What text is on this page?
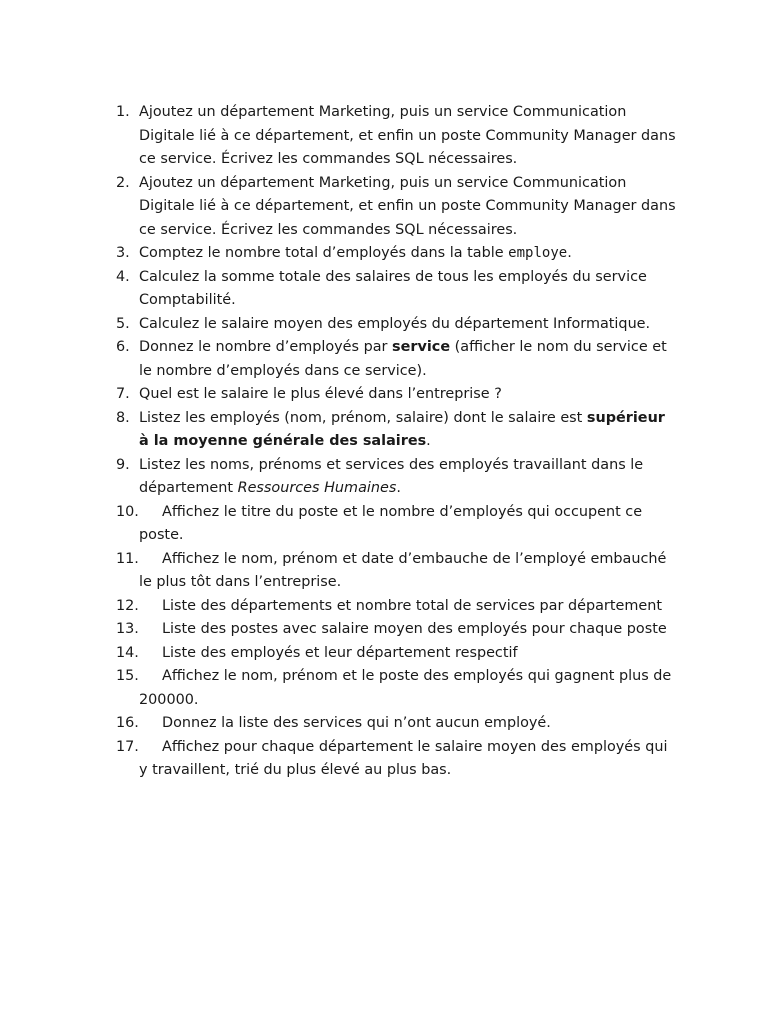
1. Ajoutez un département Marketing, puis un service Communication Digitale lié à ce département, et enfin un poste Community Manager dans ce service. Écrivez les commandes SQL nécessaires.
2. Ajoutez un département Marketing, puis un service Communication Digitale lié à ce département, et enfin un poste Community Manager dans ce service. Écrivez les commandes SQL nécessaires.
3. Comptez le nombre total d’employés dans la table employe.
4. Calculez la somme totale des salaires de tous les employés du service Comptabilité.
5. Calculez le salaire moyen des employés du département Informatique.
6. Donnez le nombre d’employés par service (afficher le nom du service et le nombre d’employés dans ce service).
7. Quel est le salaire le plus élevé dans l’entreprise ?
8. Listez les employés (nom, prénom, salaire) dont le salaire est supérieur à la moyenne générale des salaires.
9. Listez les noms, prénoms et services des employés travaillant dans le département Ressources Humaines.
10. Affichez le titre du poste et le nombre d’employés qui occupent ce poste.
11. Affichez le nom, prénom et date d’embauche de l’employé embauché le plus tôt dans l’entreprise.
12. Liste des départements et nombre total de services par département
13. Liste des postes avec salaire moyen des employés pour chaque poste
14. Liste des employés et leur département respectif
15. Affichez le nom, prénom et le poste des employés qui gagnent plus de 200000.
16. Donnez la liste des services qui n’ont aucun employé.
17. Affichez pour chaque département le salaire moyen des employés qui y travaillent, trié du plus élevé au plus bas.
